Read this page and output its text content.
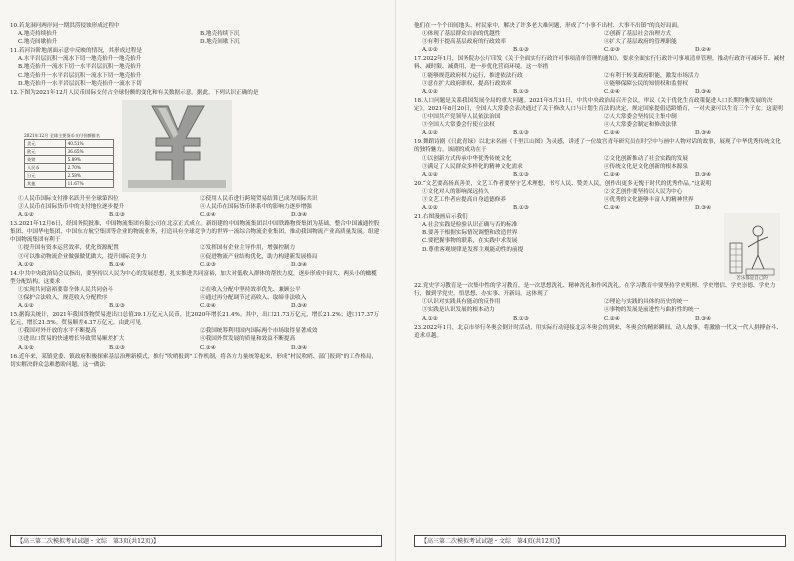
10.若龙洞河两岸同一期洪涝侵蚀形成过程中
A.地壳持续抬升	B.地壳持续下沉
C.地壳间歇抬升	D.地壳间歇下沉
11.若河谷阶地剖面示意中反映的情况，其形成过程是
A.水平岩层沉积一流水下切一地壳抬升一地壳抬升
B.地壳抬升一流水下切一水平岩层沉积一地壳抬升
C.地壳抬升一水平岩层沉积一流水下切一地壳抬升
D.地壳抬升一水平岩层沉积一地壳抬升一流水下切
12.下图为2021年12月人民币国际支付占全球份额的变化和有关数据示意。据此，下列认识正确的是
2021年12月 全球主要货币支付份额排名
美元	40.51%
欧元	36.65%
英镑	5.89%
人民币	2.70%
日元	2.58%
其他	11.67%
①人民币国际支付排名跃升至全球第四位	②使用人民币进行跨境贸易结算已成为国际共识
③人民币在国际货币中的支付地位逐步提升	④人民币在国际货币体系中的影响力逐步增强
A.①②	B.①③	C.②④	D.③④
13.2021年12月6日，经国务院批准，中国物流集团有限公司在北京正式成立。新组建的中国物流集团以中国铁路物资集团为基础，整合中国诚通控股集团、中国华电集团、中国东方航空集团等企业的物流业务，打造具有全球竞争力的世界一流综合物流企业集团，推动我国物流产业高质量发展。组建中国物流集团有利于
①提升国有资本运营效率，优化资源配置	②发挥国有企业主导作用，增强控制力
③可以推动物流企业做强做优做大，提升国际竞争力	④促进物流产业结构优化，助力构建新发展格局
A.①②	B.①④	C.②③	D.③④
14.中共中央政治局会议指出，要坚持以人民为中心的发展思想，扎实推进共同富裕，加大对低收入群体的帮扶力度，逐步形成中间大、两头小的橄榄型分配结构。这要求
①实现共同富裕要靠全体人民共同奋斗	②在收入分配中坚持效率优先、兼顾公平
③保护合法收入，规范收入分配秩序	④通过再分配调节过高收入、取缔非法收入
A.①②	B.①③	C.②④	D.③④
15.据海关统计，2021年我国货物贸易进出口总值39.1万亿元人民币，比2020年增长21.4%。其中，出口21.73万亿元，增长21.2%；进口17.37万亿元，增长21.5%。贸易顺差4.37万亿元。由此可见
①我国对外开放的水平不断提高	②我国统筹利用国内国际两个市场取得显著成效
③进出口贸易的快速增长导致贸易顺差扩大	④我国外贸发展的质量和效益不断提高
A.①②	B.①③	C.②④	D.③④
16.近年来，某镇党委、镇政府积极探索基层治理新模式，推行“吹哨报到”工作机制，将各方力量统筹起来，形成“村民吹哨、部门报到”的工作格局，切实解决群众急难愁盼问题。这一做法
【高三第二次模拟考试试题・文综　第3页(共12页)】
他们在一个个田间地头、村民家中，解决了许多老大难问题，形成了“小事不出村、大事不出镇”的良好局面。
①体现了基层群众自治的优越性	②创新了基层社会治理方式
③有利于提高基层政府的行政效率	④扩大了基层政府的管理职能
A.①②	B.①③	C.②③	D.②④
17.2022年1月，国务院办公厅印发《关于全面实行行政许可事项清单管理的通知》，要求全面实行行政许可事项清单管理，推动行政许可减环节、减材料、减时限、减费用，进一步优化营商环境。这一举措
①能够规范政府权力运行，推进依法行政	②有利于转变政府职能，激发市场活力
③意在扩大政府职权，提高行政效率	④能够保障公民的知情权和监督权
A.①②	B.①③	C.②④	D.③④
18.人口问题是关系我国发展全局的重大问题。2021年5月31日，中共中央政治局召开会议，审议《关于优化生育政策促进人口长期均衡发展的决定》。2021年8月20日，全国人大常委会表决通过了关于修改人口与计划生育法的决定，规定国家提倡适龄婚育，一对夫妻可以生育三个子女。这说明
①中国共产党领导人民依法治国	②人大常委会坚持民主集中制
③全国人大常委会行使立法权	④人大常委会制定和修改法律
A.①②	B.①③	C.②④	D.③④
19.舞蹈诗剧《只此青绿》以北宋名画《千里江山图》为灵感，讲述了一位故宫青年研究员在时空中与画中人物对话的故事，展现了中华优秀传统文化的独特魅力。该剧的成功在于
①以创新方式传承中华优秀传统文化	②文化创新推动了社会实践的发展
③满足了人民群众多样化的精神文化需求	④传统文化是文化创新的根本源泉
A.①②	B.①③	C.②④	D.③④
20.“文艺要高扬真善美，文艺工作者要坚守艺术理想，书写人民、赞美人民，创作出更多无愧于时代的优秀作品。”这说明
①文化对人的影响深远持久	②文艺创作要坚持以人民为中心
③文艺工作者应提高自身道德修养	④优秀的文化能够丰富人的精神世界
A.①②	B.①③	C.②④	D.③④
21.右图漫画启示我们
A.社会实践是检验认识正确与否的标准
B.要善于根据实际情况调整和改造世界
C.要把握事物的联系，在实践中求发展
D.尊重客观规律是发挥主观能动性的前提
苦乐都是自己的
22.党史学习教育是一次集中性的学习教育，是一次思想洗礼、精神洗礼和作风洗礼。在学习教育中要坚持学史明理、学史增信、学史崇德、学史力行，做到学党史、悟思想、办实事、开新局。这体现了
①认识对实践具有能动的反作用	②理论与实践的具体的历史的统一
③实践是认识发展的根本动力	④事物的发展是前进性与曲折性的统一
A.①②	B.①③	C.②④	D.③④
23.2022年1月，北京市举行冬奥会倒计时活动，用实际行动迎接北京冬奥会的到来，冬奥会的精彩瞬间、动人故事，将激励一代又一代人拼搏奋斗、追求卓越。
【高三第二次模拟考试试题・文综　第4页(共12页)】
